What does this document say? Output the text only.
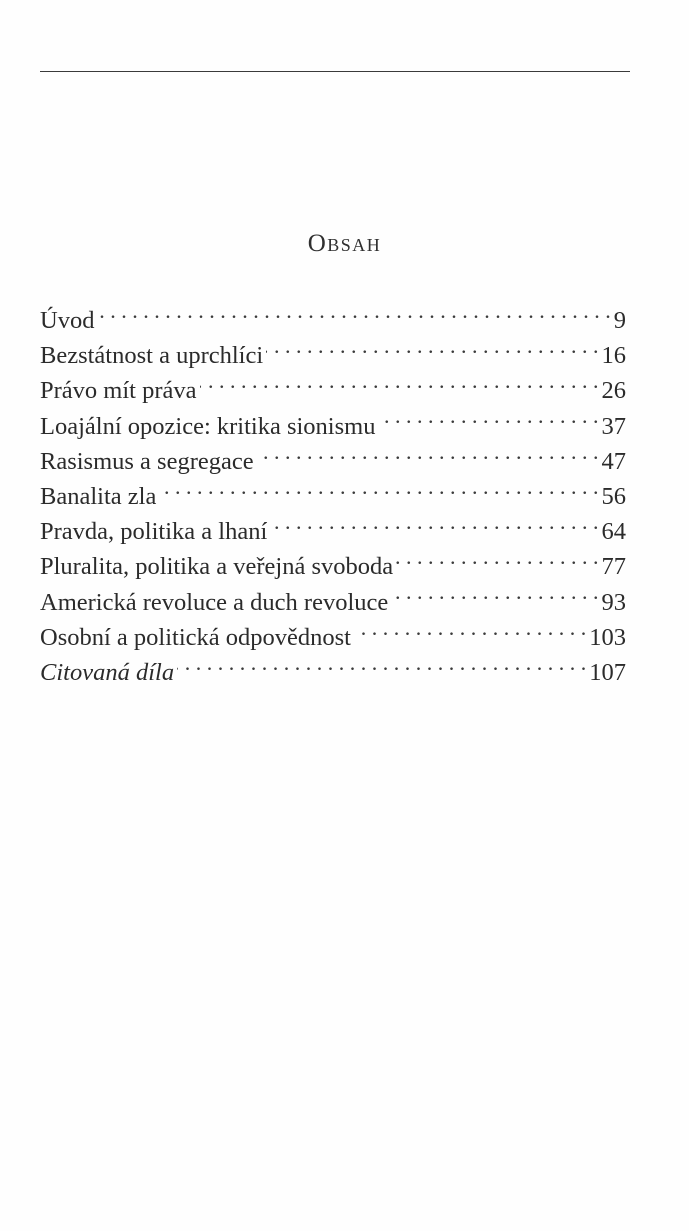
Obsah
Úvod . . .	9
Bezstátnost a uprchlíci . . .	16
Právo mít práva . . .	26
Loajální opozice: kritika sionismu . . .	37
Rasismus a segregace . . .	47
Banalita zla . . .	56
Pravda, politika a lhaní . . .	64
Pluralita, politika a veřejná svoboda . . .	77
Americká revoluce a duch revoluce . . .	93
Osobní a politická odpovědnost . . .	103
Citovaná díla . . .	107
